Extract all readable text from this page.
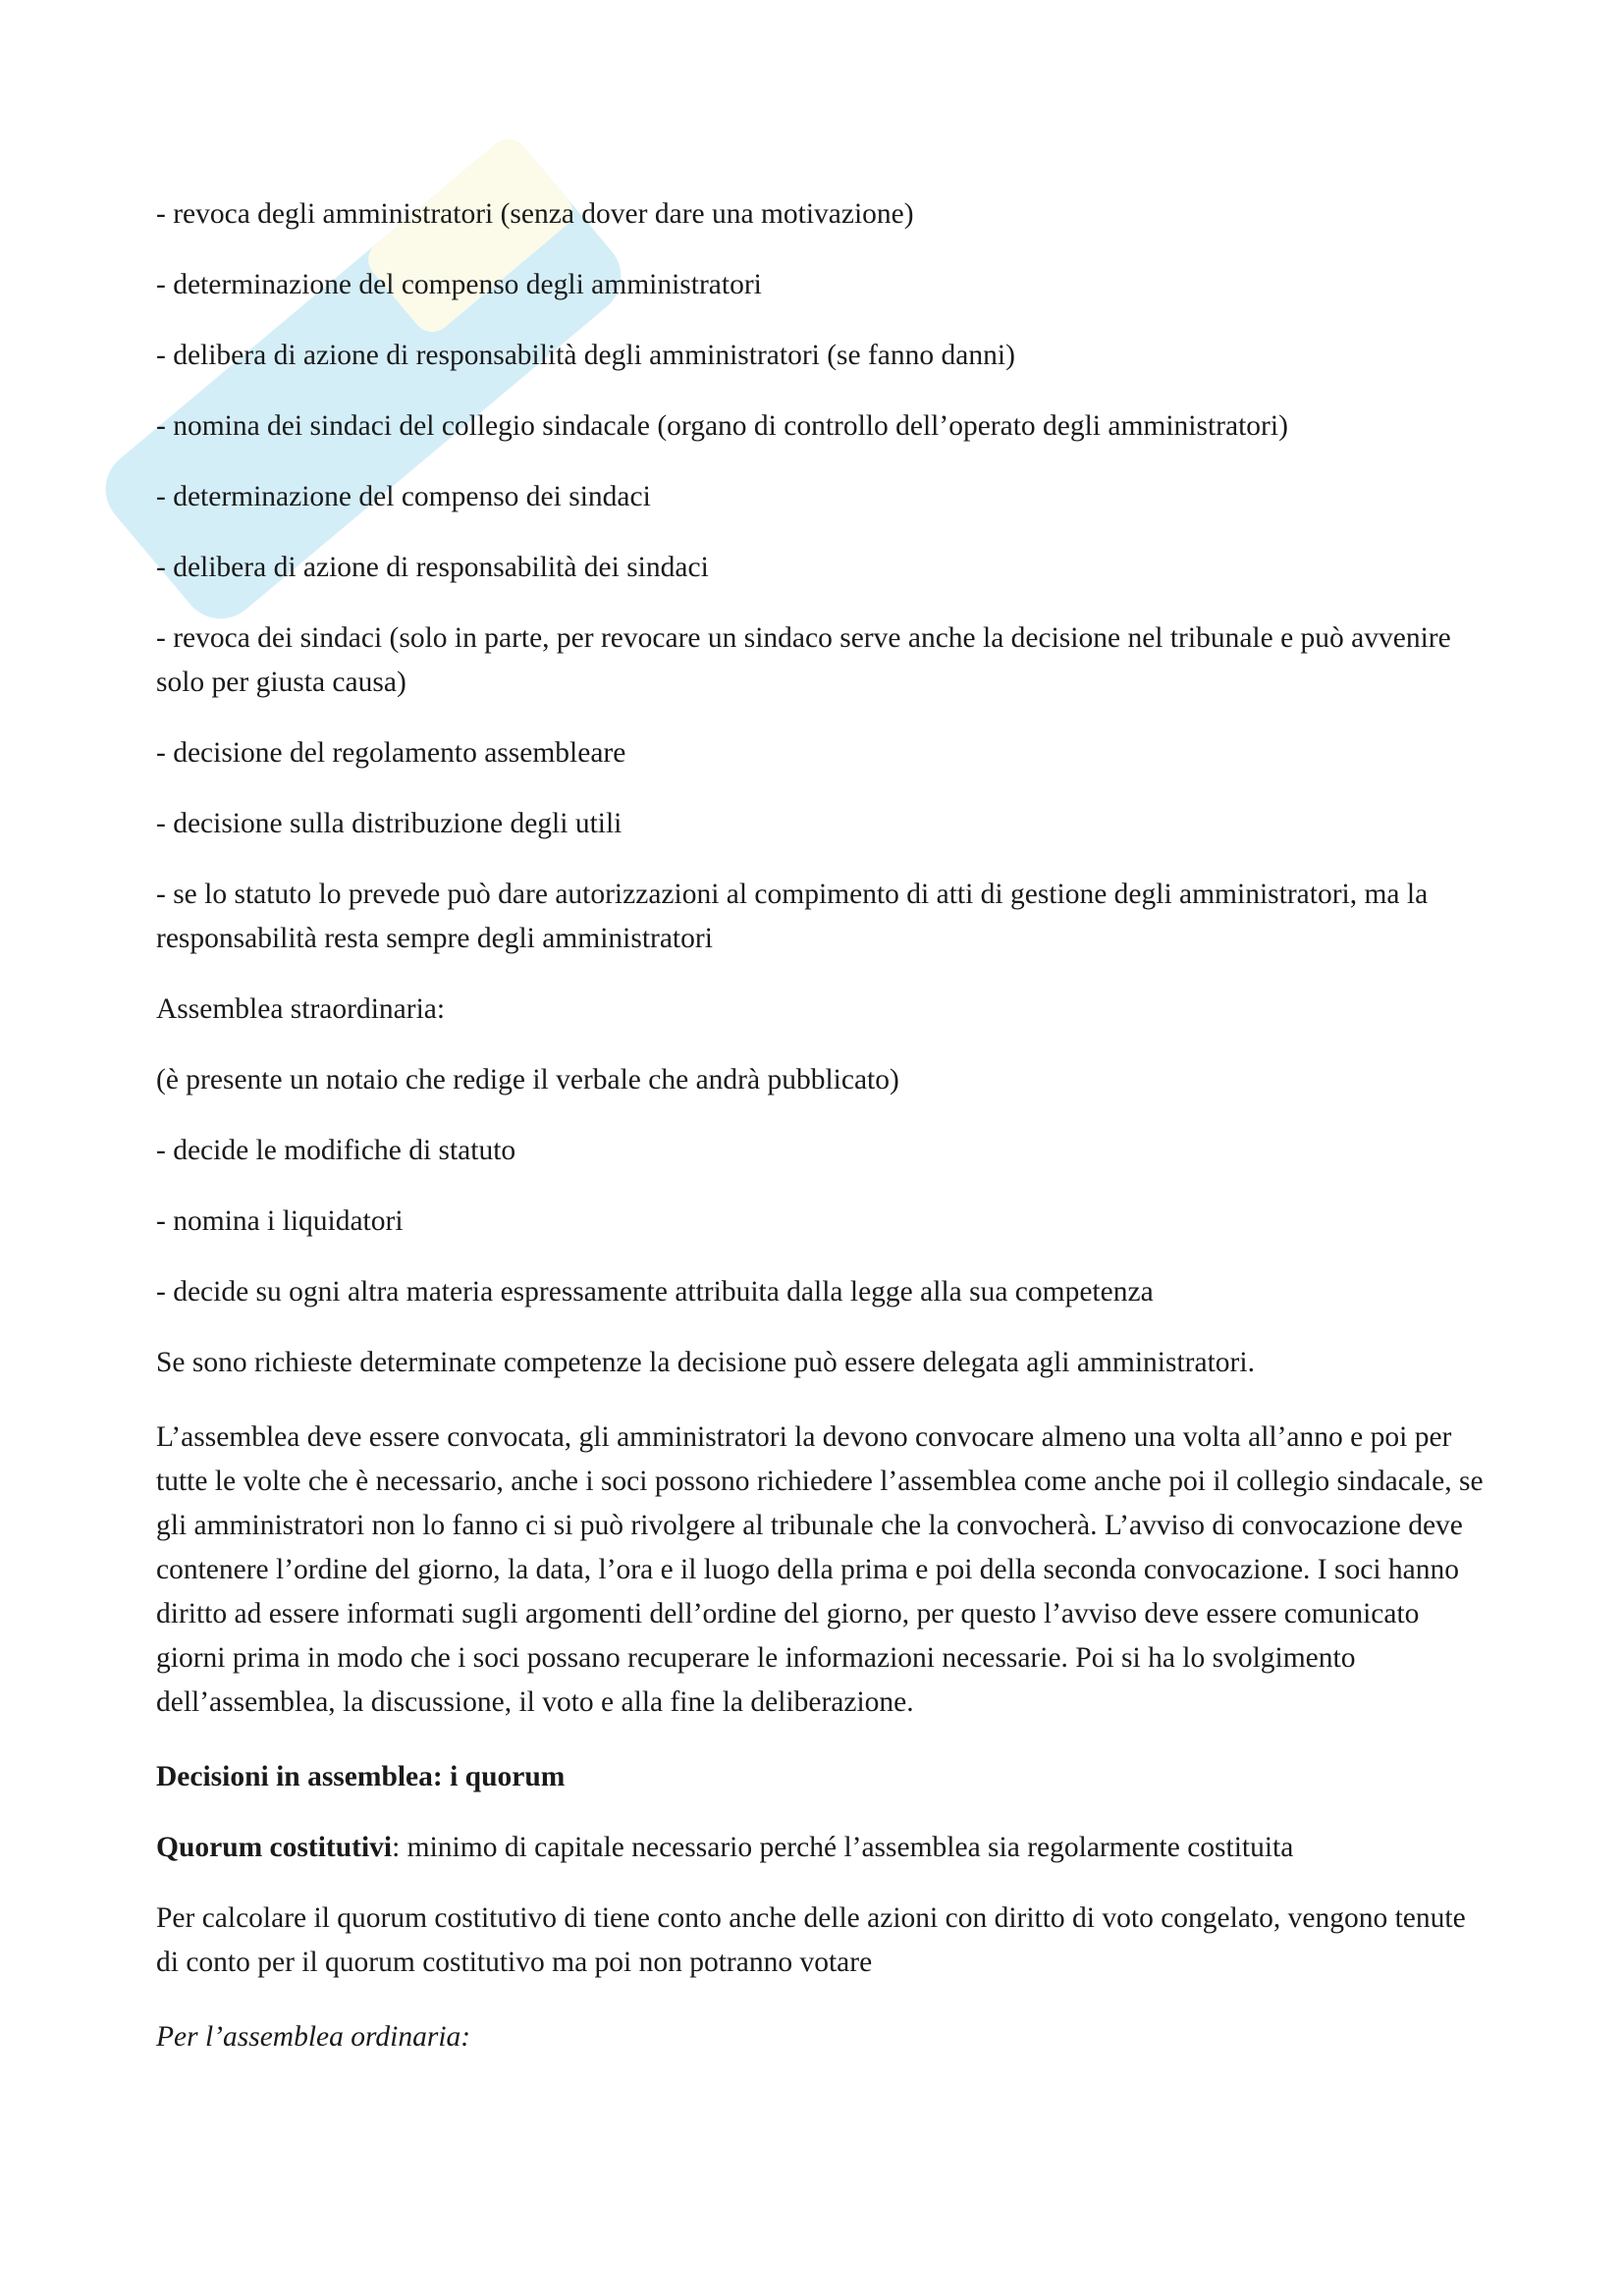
- revoca degli amministratori (senza dover dare una motivazione)

- determinazione del compenso degli amministratori

- delibera di azione di responsabilità degli amministratori (se fanno danni)

- nomina dei sindaci del collegio sindacale (organo di controllo dell’operato degli amministratori)

- determinazione del compenso dei sindaci

- delibera di azione di responsabilità dei sindaci

- revoca dei sindaci (solo in parte, per revocare un sindaco serve anche la decisione nel tribunale e può avvenire solo per giusta causa)

- decisione del regolamento assembleare

- decisione sulla distribuzione degli utili

- se lo statuto lo prevede può dare autorizzazioni al compimento di atti di gestione degli amministratori, ma la responsabilità resta sempre degli amministratori

Assemblea straordinaria:

(è presente un notaio che redige il verbale che andrà pubblicato)

- decide le modifiche di statuto

- nomina i liquidatori

- decide su ogni altra materia espressamente attribuita dalla legge alla sua competenza

Se sono richieste determinate competenze la decisione può essere delegata agli amministratori.

L’assemblea deve essere convocata, gli amministratori la devono convocare almeno una volta all’anno e poi per tutte le volte che è necessario, anche i soci possono richiedere l’assemblea come anche poi il collegio sindacale, se gli amministratori non lo fanno ci si può rivolgere al tribunale che la convocherà. L’avviso di convocazione deve contenere l’ordine del giorno, la data, l’ora e il luogo della prima e poi della seconda convocazione. I soci hanno diritto ad essere informati sugli argomenti dell’ordine del giorno, per questo l’avviso deve essere comunicato giorni prima in modo che i soci possano recuperare le informazioni necessarie. Poi si ha lo svolgimento dell’assemblea, la discussione, il voto e alla fine la deliberazione.

Decisioni in assemblea: i quorum

Quorum costitutivi: minimo di capitale necessario perché l’assemblea sia regolarmente costituita

Per calcolare il quorum costitutivo di tiene conto anche delle azioni con diritto di voto congelato, vengono tenute di conto per il quorum costitutivo ma poi non potranno votare

Per l’assemblea ordinaria:
